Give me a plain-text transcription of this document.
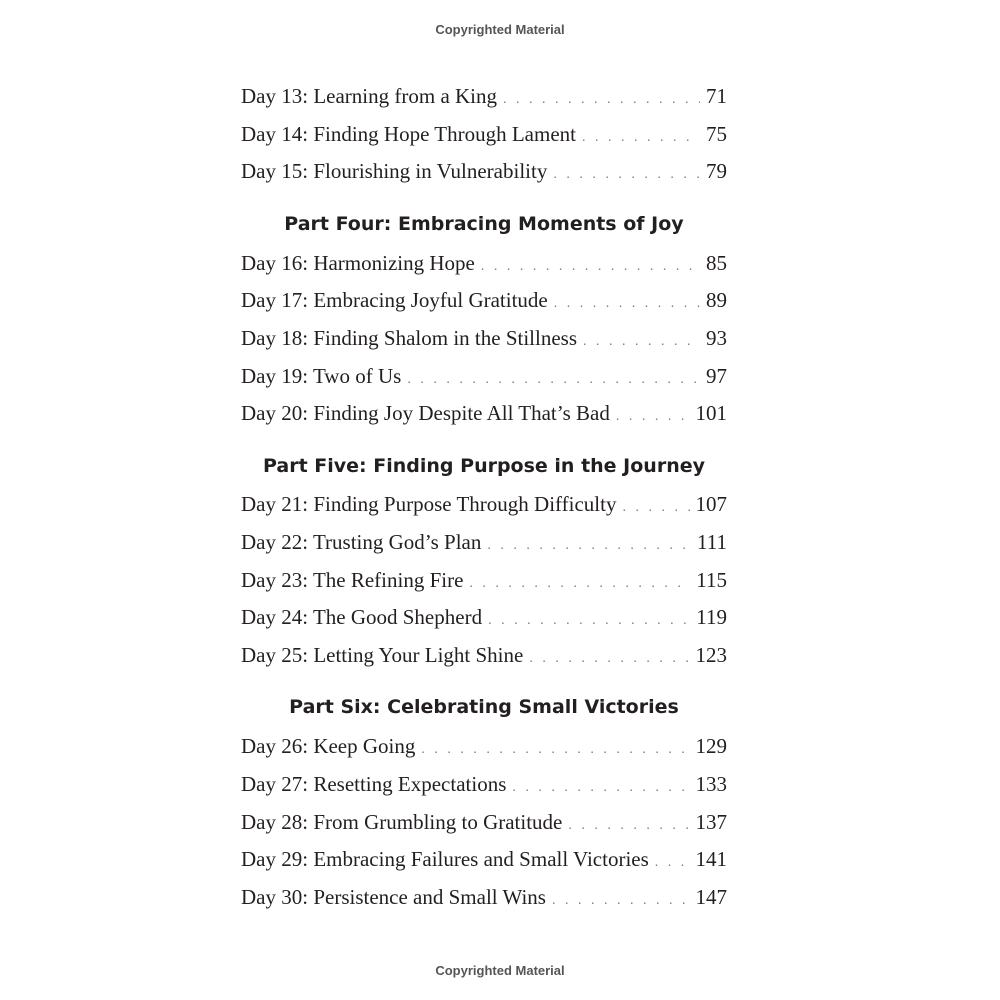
Copyrighted Material
Day 13: Learning from a King . . .	71
Day 14: Finding Hope Through Lament . . .	75
Day 15: Flourishing in Vulnerability . . .	79
Part Four: Embracing Moments of Joy
Day 16: Harmonizing Hope . . .	85
Day 17: Embracing Joyful Gratitude . . .	89
Day 18: Finding Shalom in the Stillness . . .	93
Day 19: Two of Us . . .	97
Day 20: Finding Joy Despite All That’s Bad . . .	101
Part Five: Finding Purpose in the Journey
Day 21: Finding Purpose Through Difficulty . . .	107
Day 22: Trusting God’s Plan . . .	111
Day 23: The Refining Fire . . .	115
Day 24: The Good Shepherd . . .	119
Day 25: Letting Your Light Shine . . .	123
Part Six: Celebrating Small Victories
Day 26: Keep Going . . .	129
Day 27: Resetting Expectations . . .	133
Day 28: From Grumbling to Gratitude . . .	137
Day 29: Embracing Failures and Small Victories . . . 141
Day 30: Persistence and Small Wins . . .	147
Copyrighted Material
